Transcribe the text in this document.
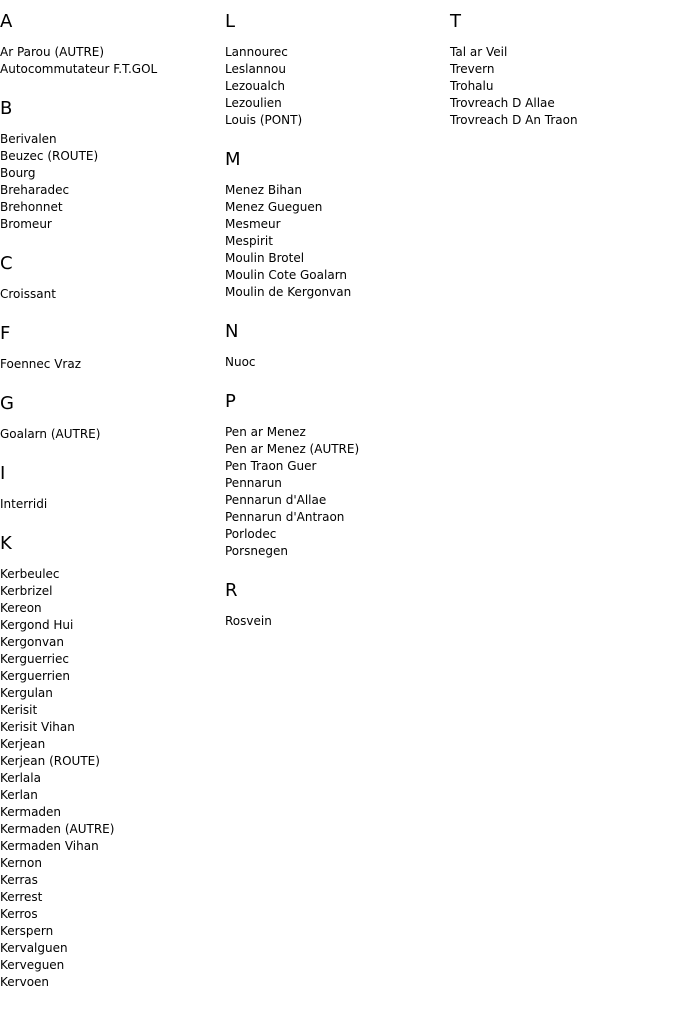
A
Ar Parou (AUTRE)
Autocommutateur F.T.GOL
B
Berivalen
Beuzec (ROUTE)
Bourg
Breharadec
Brehonnet
Bromeur
C
Croissant
F
Foennec Vraz
G
Goalarn (AUTRE)
I
Interridi
K
Kerbeulec
Kerbrizel
Kereon
Kergond Hui
Kergonvan
Kerguerriec
Kerguerrien
Kergulan
Kerisit
Kerisit Vihan
Kerjean
Kerjean (ROUTE)
Kerlala
Kerlan
Kermaden
Kermaden (AUTRE)
Kermaden Vihan
Kernon
Kerras
Kerrest
Kerros
Kerspern
Kervalguen
Kerveguen
Kervoen
L
Lannourec
Leslannou
Lezoualch
Lezoulien
Louis (PONT)
M
Menez Bihan
Menez Gueguen
Mesmeur
Mespirit
Moulin Brotel
Moulin Cote Goalarn
Moulin de Kergonvan
N
Nuoc
P
Pen ar Menez
Pen ar Menez (AUTRE)
Pen Traon Guer
Pennarun
Pennarun d'Allae
Pennarun d'Antraon
Porlodec
Porsnegen
R
Rosvein
T
Tal ar Veil
Trevern
Trohalu
Trovreach D Allae
Trovreach D An Traon
